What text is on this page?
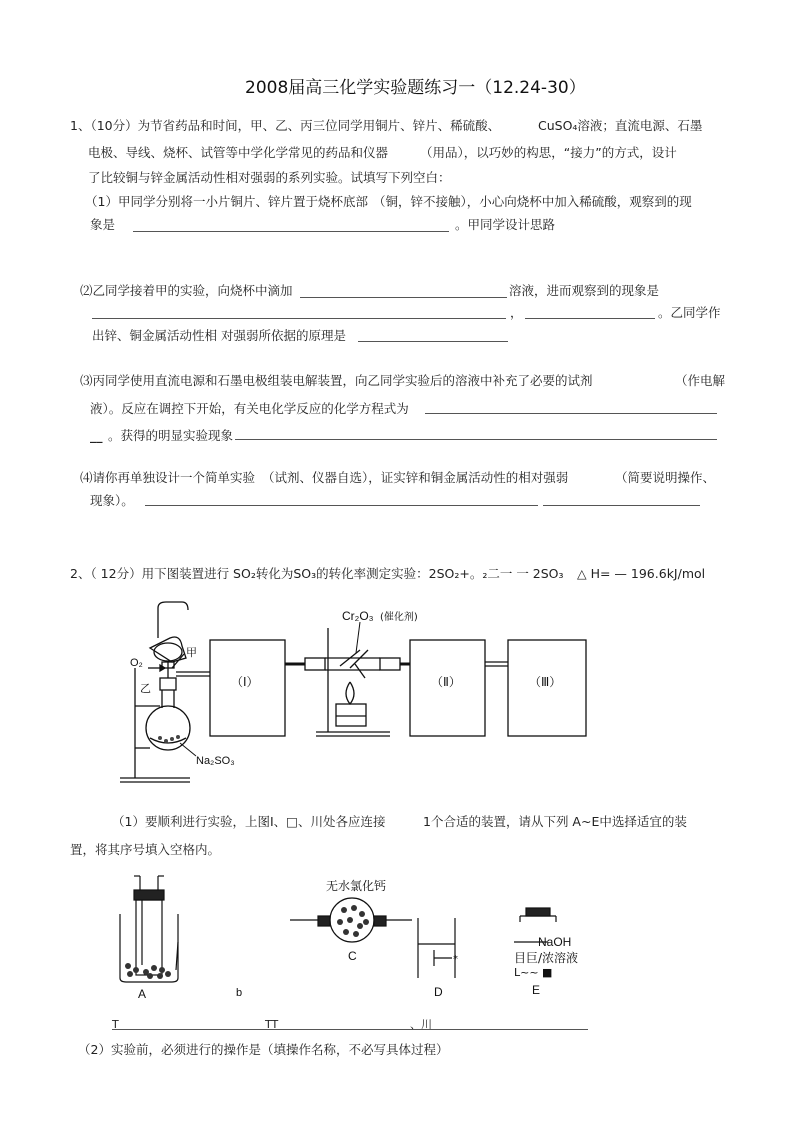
2008届高三化学实验题练习一（12.24-30）
1、（10分）为节省药品和时间，甲、乙、丙三位同学用铜片、锌片、稀硫酸、	CuSO₄溶液；直流电源、石墨
电极、导线、烧杯、试管等中学化学常见的药品和仪器	（用品），以巧妙的构思，“接力”的方式，设计
了比较铜与锌金属活动性相对强弱的系列实验。试填写下列空白：
（1）甲同学分别将一小片铜片、锌片置于烧杯底部 （铜，锌不接触），小心向烧杯中加入稀硫酸，观察到的现
象是	。甲同学设计思路
⑵乙同学接着甲的实验，向烧杯中滴加	溶液，进而观察到的现象是
，	。乙同学作
出锌、铜金属活动性相 对强弱所依据的原理是
⑶丙同学使用直流电源和石墨电极组装电解装置，向乙同学实验后的溶液中补充了必要的试剂	（作电解
液）。反应在调控下开始，有关电化学反应的化学方程式为
__ 。获得的明显实验现象
⑷请你再单独设计一个简单实验 （试剂、仪器自选），证实锌和铜金属活动性的相对强弱	（简要说明操作、
现象）。
2、（ 12分）用下图装置进行 SO₂转化为SO₃的转化率测定实验：2SO₂+。₂二一 一 2SO₃ △ H= — 196.6kJ/mol
Cr₂O₃ (催化剂)
甲
O₂
乙
Na₂SO₃
（Ⅰ）	（Ⅱ）	（Ⅲ）
（1）要顺利进行实验，上图Ⅰ、□、川处各应连接	1个合适的装置，请从下列 A~E中选择适宜的装
置，将其序号填入空格内。
无水氯化钙
NaOH
目巨/浓溶液
L~~ ■
*
A	b
C
D	E
T	TT	、川
（2）实验前，必须进行的操作是（填操作名称，不必写具体过程）
